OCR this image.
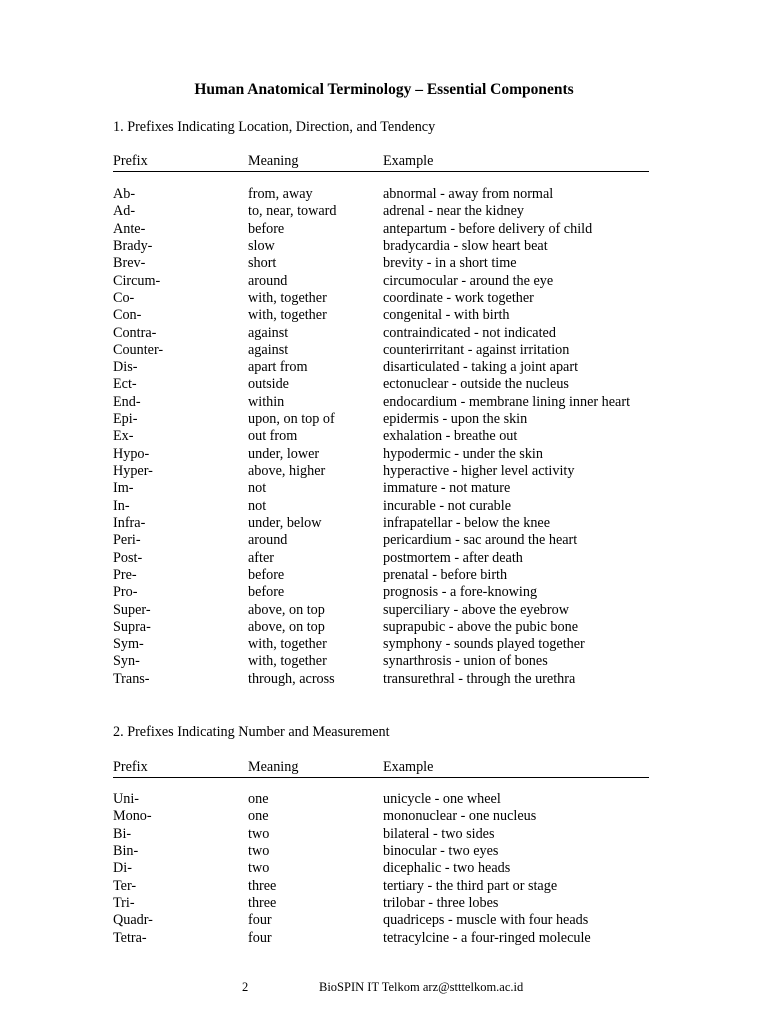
Human Anatomical Terminology – Essential Components
1. Prefixes Indicating Location, Direction, and Tendency
Prefix	Meaning	Example
Ab-	from, away	abnormal - away from normal
Ad-	to, near, toward	adrenal - near the kidney
Ante-	before	antepartum - before delivery of child
Brady-	slow	bradycardia - slow heart beat
Brev-	short	brevity - in a short time
Circum-	around	circumocular - around the eye
Co-	with, together	coordinate - work together
Con-	with, together	congenital - with birth
Contra-	against	contraindicated - not indicated
Counter-	against	counterirritant - against irritation
Dis-	apart from	disarticulated - taking a joint apart
Ect-	outside	ectonuclear - outside the nucleus
End-	within	endocardium - membrane lining inner heart
Epi-	upon, on top of	epidermis - upon the skin
Ex-	out from	exhalation - breathe out
Hypo-	under, lower	hypodermic - under the skin
Hyper-	above, higher	hyperactive - higher level activity
Im-	not	immature - not mature
In-	not	incurable - not curable
Infra-	under, below	infrapatellar - below the knee
Peri-	around	pericardium - sac around the heart
Post-	after	postmortem - after death
Pre-	before	prenatal - before birth
Pro-	before	prognosis - a fore-knowing
Super-	above, on top	superciliary - above the eyebrow
Supra-	above, on top	suprapubic - above the pubic bone
Sym-	with, together	symphony - sounds played together
Syn-	with, together	synarthrosis - union of bones
Trans-	through, across	transurethral - through the urethra
2. Prefixes Indicating Number and Measurement
Prefix	Meaning	Example
Uni-	one	unicycle - one wheel
Mono-	one	mononuclear - one nucleus
Bi-	two	bilateral - two sides
Bin-	two	binocular - two eyes
Di-	two	dicephalic - two heads
Ter-	three	tertiary - the third part or stage
Tri-	three	trilobar - three lobes
Quadr-	four	quadriceps - muscle with four heads
Tetra-	four	tetracylcine - a four-ringed molecule
2	BioSPIN IT Telkom arz@stttelkom.ac.id
